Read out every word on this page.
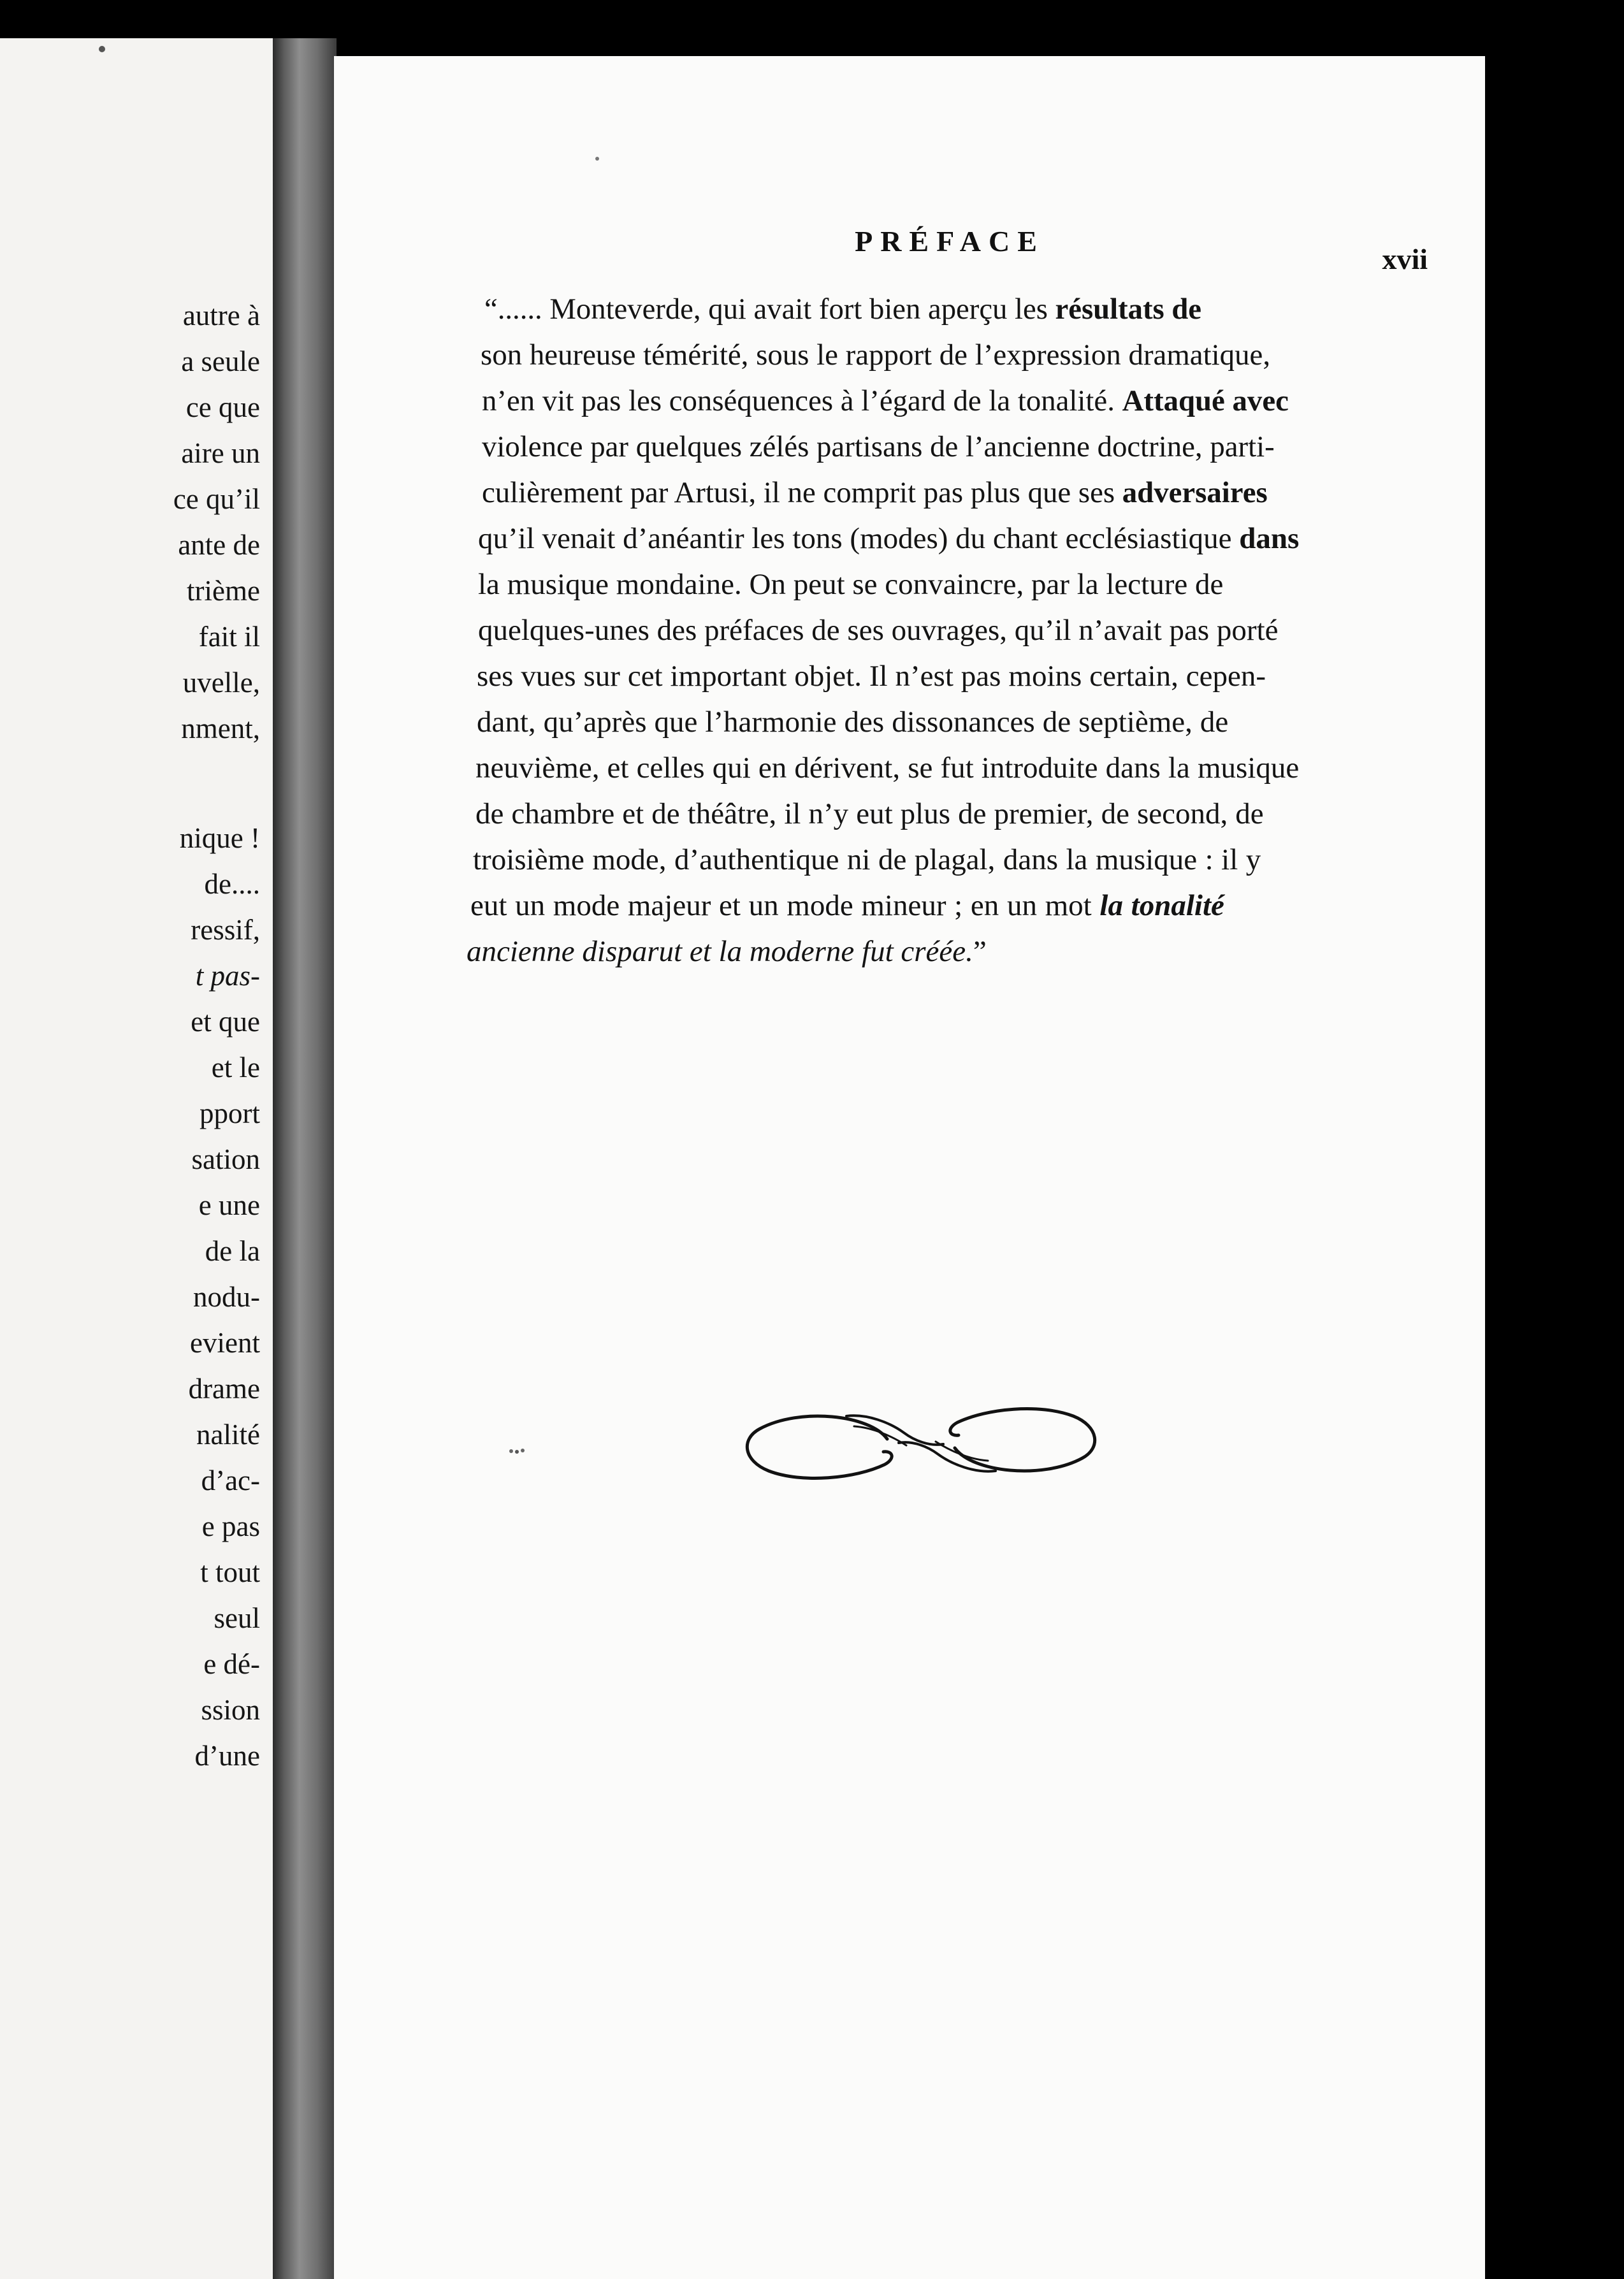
autre à
a seule
ce que
aire un
ce qu’il
ante de
trième
fait il
uvelle,
nment,
nique !
de....
ressif,
t pas-
et que
et le
pport
sation
e une
de la
nodu-
evient
drame
nalité
d’ac-
e pas
t tout
seul
e dé-
ssion
d’une
PRÉFACE
xvii
“...... Monteverde, qui avait fort bien aperçu les résultats de
son heureuse témérité, sous le rapport de l’expression dramatique,
n’en vit pas les conséquences à l’égard de la tonalité. Attaqué avec
violence par quelques zélés partisans de l’ancienne doctrine, parti-
culièrement par Artusi, il ne comprit pas plus que ses adversaires
qu’il venait d’anéantir les tons (modes) du chant ecclésiastique dans
la musique mondaine. On peut se convaincre, par la lecture de
quelques-unes des préfaces de ses ouvrages, qu’il n’avait pas porté
ses vues sur cet important objet. Il n’est pas moins certain, cepen-
dant, qu’après que l’harmonie des dissonances de septième, de
neuvième, et celles qui en dérivent, se fut introduite dans la musique
de chambre et de théâtre, il n’y eut plus de premier, de second, de
troisième mode, d’authentique ni de plagal, dans la musique : il y
eut un mode majeur et un mode mineur ; en un mot la tonalité
ancienne disparut et la moderne fut créée.”
